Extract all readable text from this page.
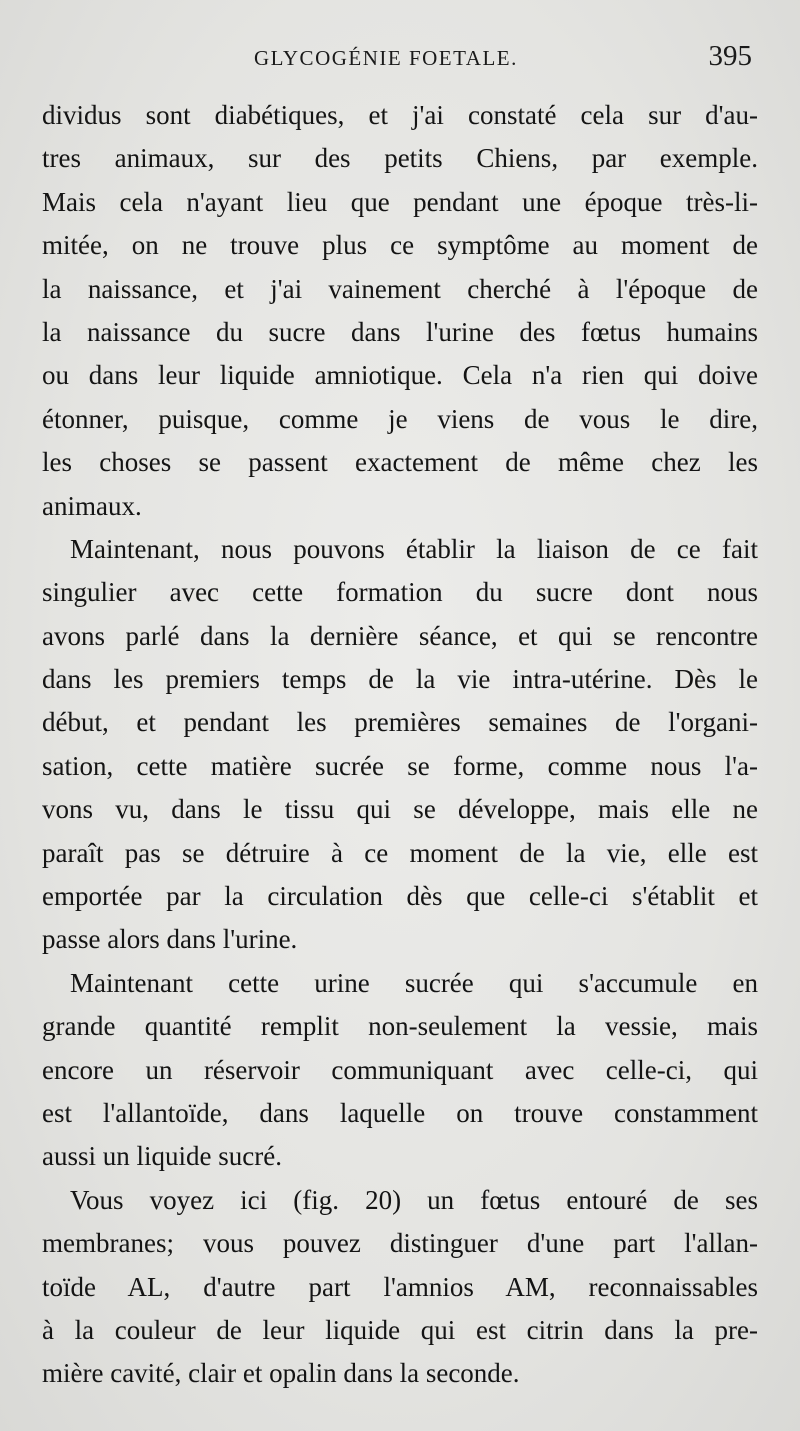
GLYCOGÉNIE FOETALE.	395
dividus sont diabétiques, et j'ai constaté cela sur d'au-
tres animaux, sur des petits Chiens, par exemple.
Mais cela n'ayant lieu que pendant une époque très-li-
mitée, on ne trouve plus ce symptôme au moment de
la naissance, et j'ai vainement cherché à l'époque de
la naissance du sucre dans l'urine des fœtus humains
ou dans leur liquide amniotique. Cela n'a rien qui doive
étonner, puisque, comme je viens de vous le dire,
les choses se passent exactement de même chez les
animaux.
Maintenant, nous pouvons établir la liaison de ce fait
singulier avec cette formation du sucre dont nous
avons parlé dans la dernière séance, et qui se rencontre
dans les premiers temps de la vie intra-utérine. Dès le
début, et pendant les premières semaines de l'organi-
sation, cette matière sucrée se forme, comme nous l'a-
vons vu, dans le tissu qui se développe, mais elle ne
paraît pas se détruire à ce moment de la vie, elle est
emportée par la circulation dès que celle-ci s'établit et
passe alors dans l'urine.
Maintenant cette urine sucrée qui s'accumule en
grande quantité remplit non-seulement la vessie, mais
encore un réservoir communiquant avec celle-ci, qui
est l'allantoïde, dans laquelle on trouve constamment
aussi un liquide sucré.
Vous voyez ici (fig. 20) un fœtus entouré de ses
membranes; vous pouvez distinguer d'une part l'allan-
toïde AL, d'autre part l'amnios AM, reconnaissables
à la couleur de leur liquide qui est citrin dans la pre-
mière cavité, clair et opalin dans la seconde.
